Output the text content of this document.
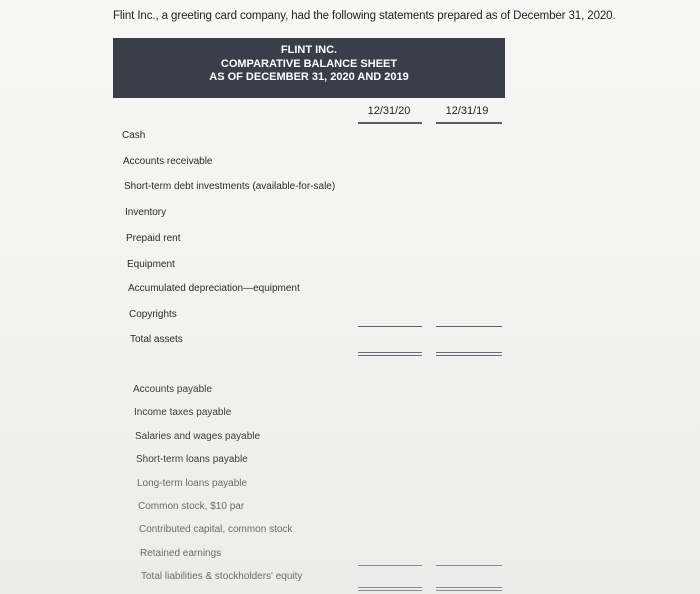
Flint Inc., a greeting card company, had the following statements prepared as of December 31, 2020.
FLINT INC.
COMPARATIVE BALANCE SHEET
AS OF DECEMBER 31, 2020 AND 2019
12/31/20	12/31/19
Cash
Accounts receivable
Short-term debt investments (available-for-sale)
Inventory
Prepaid rent
Equipment
Accumulated depreciation—equipment
Copyrights
Total assets
Accounts payable
Income taxes payable
Salaries and wages payable
Short-term loans payable
Long-term loans payable
Common stock, $10 par
Contributed capital, common stock
Retained earnings
Total liabilities & stockholders' equity
